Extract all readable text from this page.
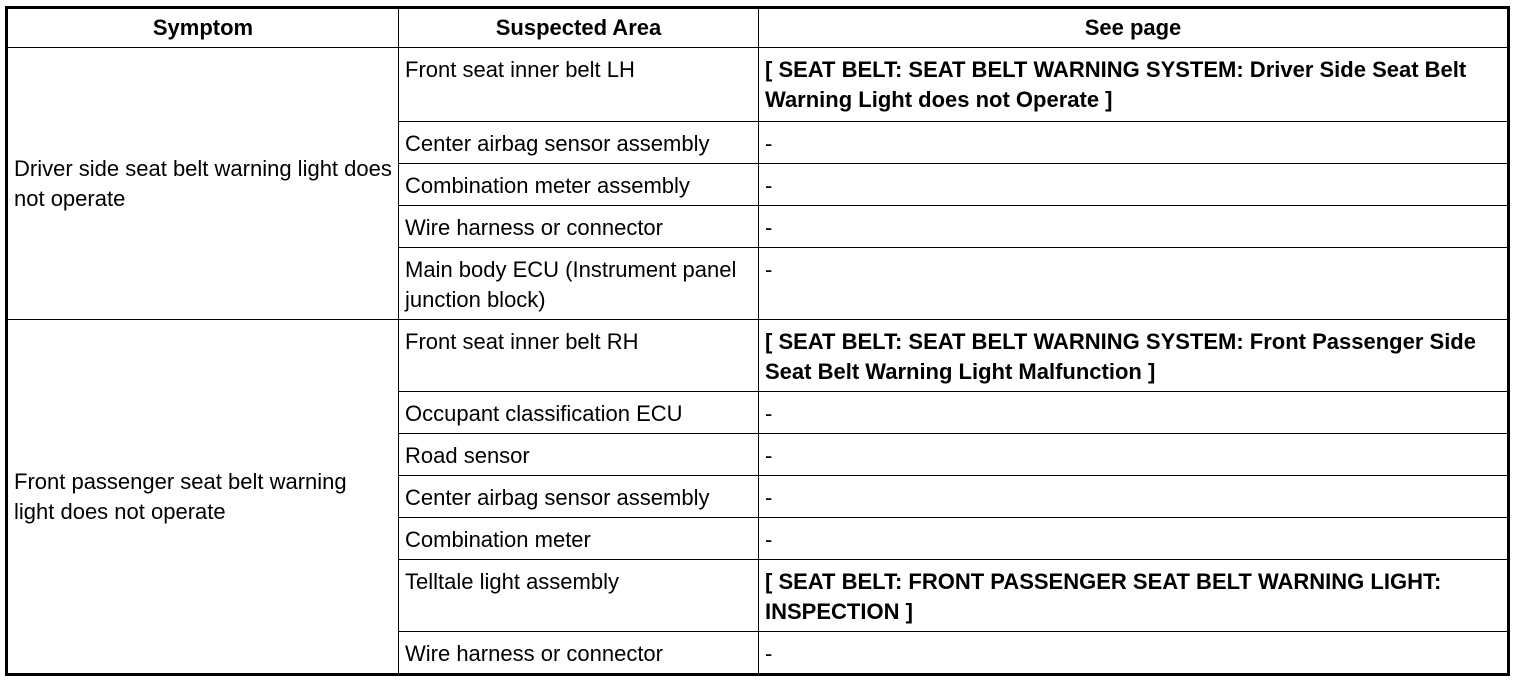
Symptom	Suspected Area	See page
Driver side seat belt warning light does not operate	Front seat inner belt LH	[ SEAT BELT: SEAT BELT WARNING SYSTEM: Driver Side Seat Belt Warning Light does not Operate ]
	Center airbag sensor assembly	-
	Combination meter assembly	-
	Wire harness or connector	-
	Main body ECU (Instrument panel junction block)	-
Front passenger seat belt warning light does not operate	Front seat inner belt RH	[ SEAT BELT: SEAT BELT WARNING SYSTEM: Front Passenger Side Seat Belt Warning Light Malfunction ]
	Occupant classification ECU	-
	Road sensor	-
	Center airbag sensor assembly	-
	Combination meter	-
	Telltale light assembly	[ SEAT BELT: FRONT PASSENGER SEAT BELT WARNING LIGHT: INSPECTION ]
	Wire harness or connector	-
